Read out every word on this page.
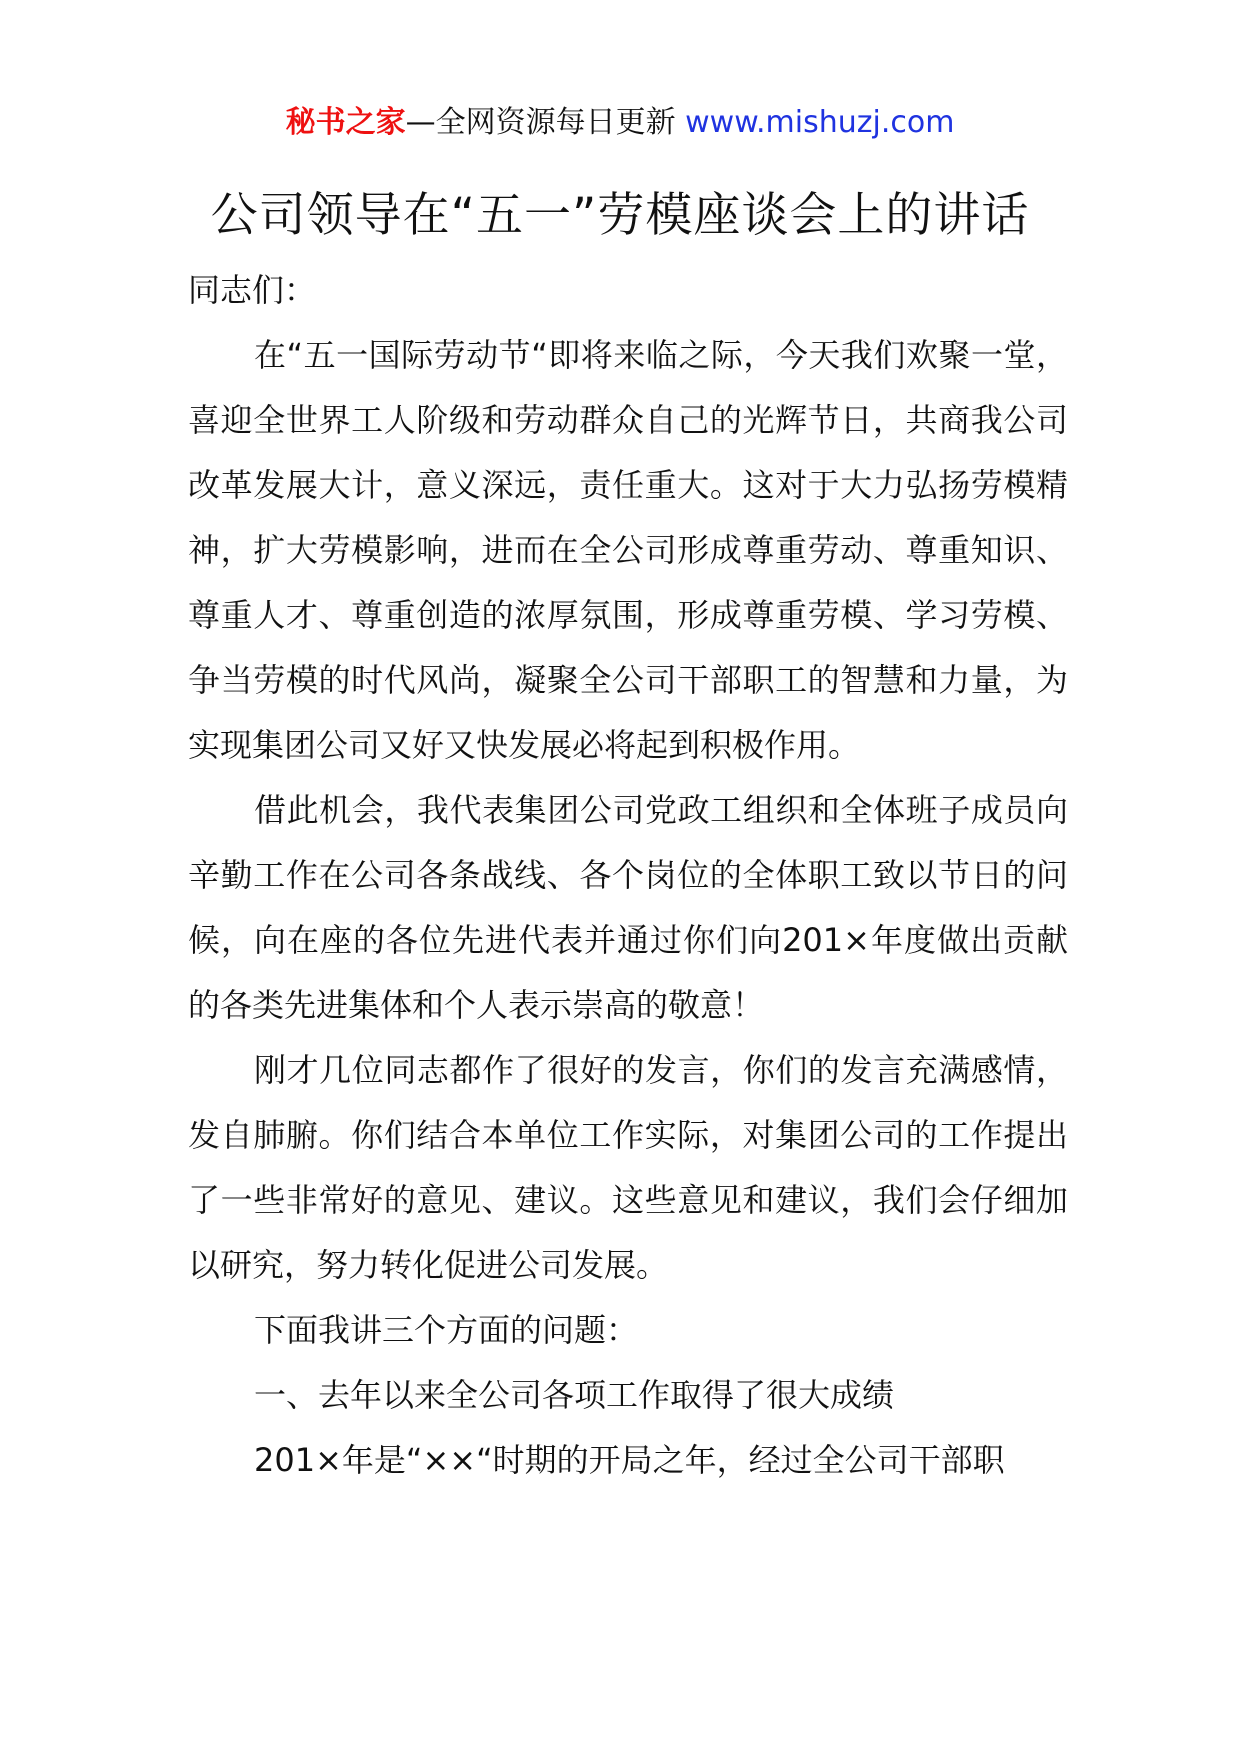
秘书之家—全网资源每日更新 www.mishuzj.com
公司领导在“五一”劳模座谈会上的讲话

同志们：

在“五一国际劳动节“即将来临之际，今天我们欢聚一堂，喜迎全世界工人阶级和劳动群众自己的光辉节日，共商我公司改革发展大计，意义深远，责任重大。这对于大力弘扬劳模精神，扩大劳模影响，进而在全公司形成尊重劳动、尊重知识、尊重人才、尊重创造的浓厚氛围，形成尊重劳模、学习劳模、争当劳模的时代风尚，凝聚全公司干部职工的智慧和力量，为实现集团公司又好又快发展必将起到积极作用。

借此机会，我代表集团公司党政工组织和全体班子成员向辛勤工作在公司各条战线、各个岗位的全体职工致以节日的问候，向在座的各位先进代表并通过你们向201×年度做出贡献的各类先进集体和个人表示崇高的敬意！

刚才几位同志都作了很好的发言，你们的发言充满感情，发自肺腑。你们结合本单位工作实际，对集团公司的工作提出了一些非常好的意见、建议。这些意见和建议，我们会仔细加以研究，努力转化促进公司发展。

下面我讲三个方面的问题：

一、去年以来全公司各项工作取得了很大成绩

201×年是“××“时期的开局之年，经过全公司干部职
